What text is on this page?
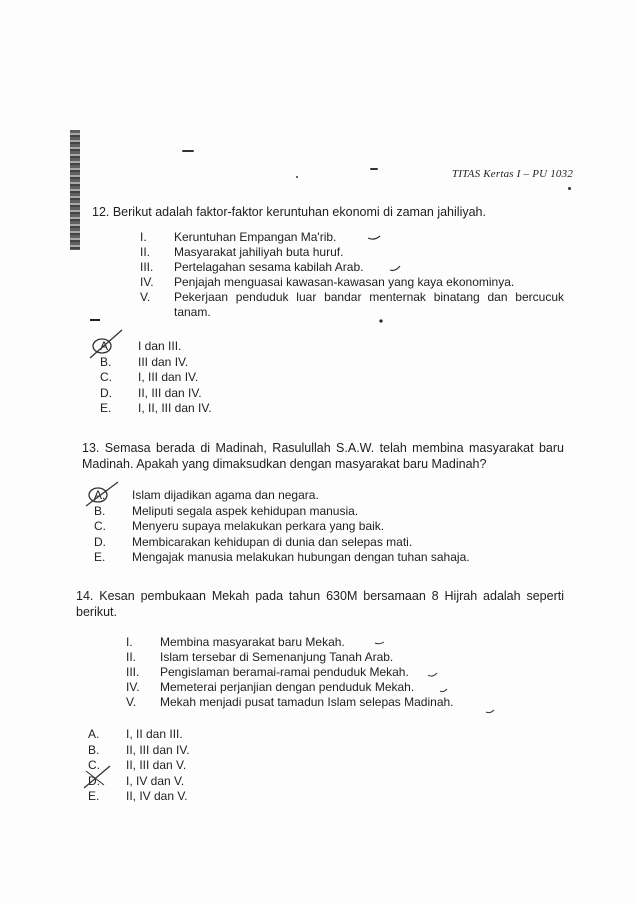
TITAS Kertas I – PU 1032
12. Berikut adalah faktor-faktor keruntuhan ekonomi di zaman jahiliyah.
I.	Keruntuhan Empangan Ma'rib.
II.	Masyarakat jahiliyah buta huruf.
III.	Pertelagahan sesama kabilah Arab.
IV.	Penjajah menguasai kawasan-kawasan yang kaya ekonominya.
V.	Pekerjaan penduduk luar bandar menternak binatang dan bercucuk tanam.
A.	I dan III.
B.	III dan IV.
C.	I, III dan IV.
D.	II, III dan IV.
E.	I, II, III dan IV.
13. Semasa berada di Madinah, Rasulullah S.A.W. telah membina masyarakat baru Madinah. Apakah yang dimaksudkan dengan masyarakat baru Madinah?
A.	Islam dijadikan agama dan negara.
B.	Meliputi segala aspek kehidupan manusia.
C.	Menyeru supaya melakukan perkara yang baik.
D.	Membicarakan kehidupan di dunia dan selepas mati.
E.	Mengajak manusia melakukan hubungan dengan tuhan sahaja.
14. Kesan pembukaan Mekah pada tahun 630M bersamaan 8 Hijrah adalah seperti berikut.
I.	Membina masyarakat baru Mekah.
II.	Islam tersebar di Semenanjung Tanah Arab.
III.	Pengislaman beramai-ramai penduduk Mekah.
IV.	Memeterai perjanjian dengan penduduk Mekah.
V.	Mekah menjadi pusat tamadun Islam selepas Madinah.
A.	I, II dan III.
B.	II, III dan IV.
C.	II, III dan V.
D.	I, IV dan V.
E.	II, IV dan V.
